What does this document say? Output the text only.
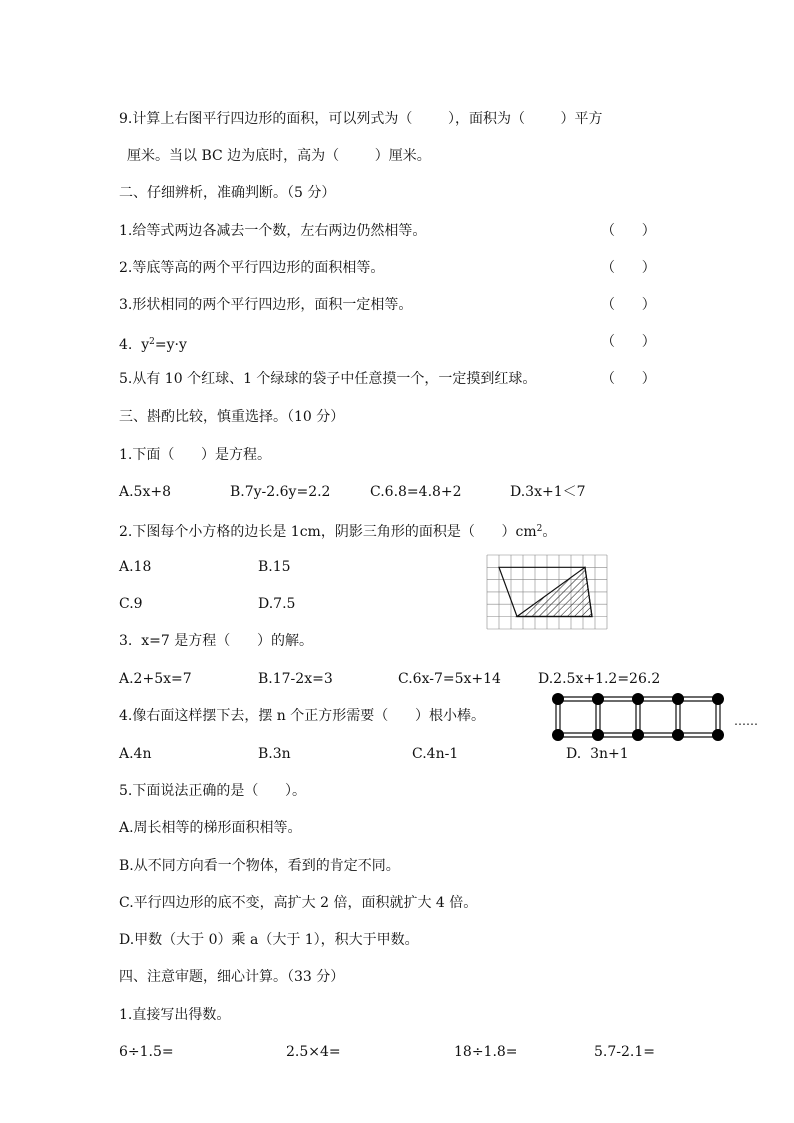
9.计算上右图平行四边形的面积，可以列式为（        ），面积为（        ）平方
厘米。当以 BC 边为底时，高为（        ）厘米。
二、仔细辨析，准确判断。（5 分）
1.给等式两边各减去一个数，左右两边仍然相等。	（      ）
2.等底等高的两个平行四边形的面积相等。	（      ）
3.形状相同的两个平行四边形，面积一定相等。	（      ）
4.  $y^2=y\cdot y$	（      ）
5.从有 10 个红球、1 个绿球的袋子中任意摸一个，一定摸到红球。	（      ）
三、斟酌比较，慎重选择。（10 分）
1.下面（      ）是方程。
A.5x+8	B.7y-2.6y=2.2	C.6.8=4.8+2	D.3x+1＜7
2.下图每个小方格的边长是 1cm，阴影三角形的面积是（      ）$cm^2$。
A.18	B.15
C.9	D.7.5
3.  x=7 是方程（      ）的解。
A.2+5x=7	B.17-2x=3	C.6x-7=5x+14	D.2.5x+1.2=26.2
4.像右面这样摆下去，摆 n 个正方形需要（      ）根小棒。	……
A.4n	B.3n	C.4n-1	D.  3n+1
5.下面说法正确的是（      ）。
A.周长相等的梯形面积相等。
B.从不同方向看一个物体，看到的肯定不同。
C.平行四边形的底不变，高扩大 2 倍，面积就扩大 4 倍。
D.甲数（大于 0）乘 a（大于 1），积大于甲数。
四、注意审题，细心计算。（33 分）
1.直接写出得数。
6÷1.5=	2.5×4=	18÷1.8=	5.7-2.1=
